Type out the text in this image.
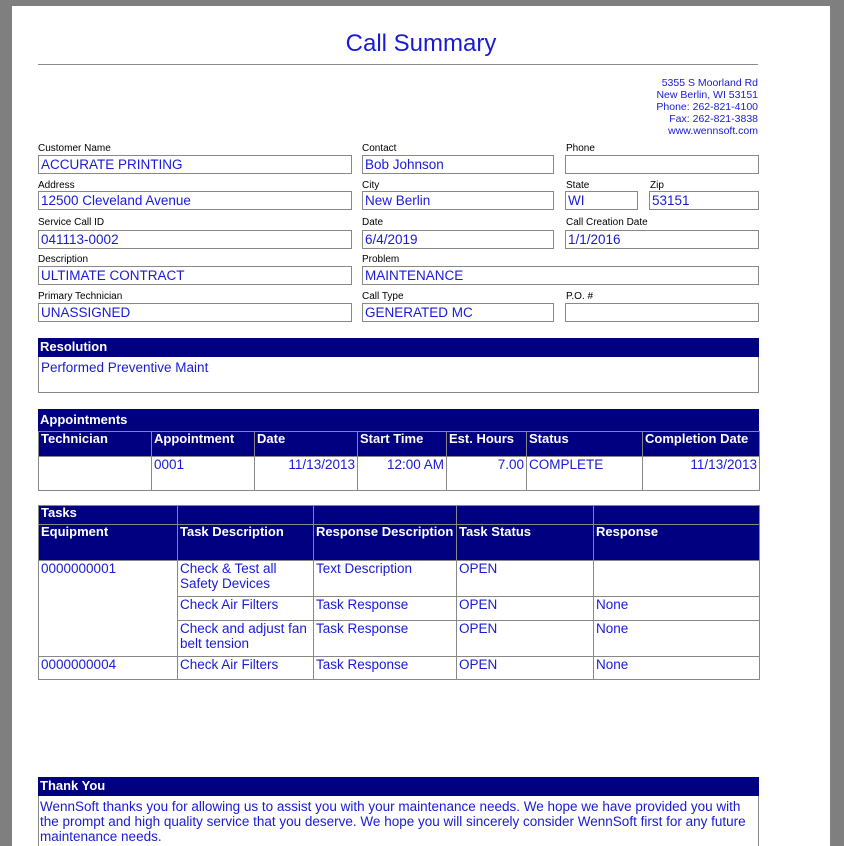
Call Summary
5355 S Moorland Rd
New Berlin, WI 53151
Phone: 262-821-4100
Fax: 262-821-3838
www.wennsoft.com
Customer Name
ACCURATE PRINTING
Contact
Bob Johnson
Phone
Address
12500 Cleveland Avenue
City
New Berlin
State
WI
Zip
53151
Service Call ID
041113-0002
Date
6/4/2019
Call Creation Date
1/1/2016
Description
ULTIMATE CONTRACT
Problem
MAINTENANCE
Primary Technician
UNASSIGNED
Call Type
GENERATED MC
P.O. #
Resolution
Performed Preventive Maint
Appointments
Technician	Appointment	Date	Start Time	Est. Hours	Status	Completion Date
	0001	11/13/2013	12:00 AM	7.00	COMPLETE	11/13/2013
Tasks				
Equipment	Task Description	Response Description	Task Status	Response
0000000001	Check & Test all Safety Devices	Text Description	OPEN	
	Check Air Filters	Task Response	OPEN	None
	Check and adjust fan belt tension	Task Response	OPEN	None
0000000004	Check Air Filters	Task Response	OPEN	None
Thank You
WennSoft thanks you for allowing us to assist you with your maintenance needs. We hope we have provided you with the prompt and high quality service that you deserve. We hope you will sincerely consider WennSoft first for any future maintenance needs.
